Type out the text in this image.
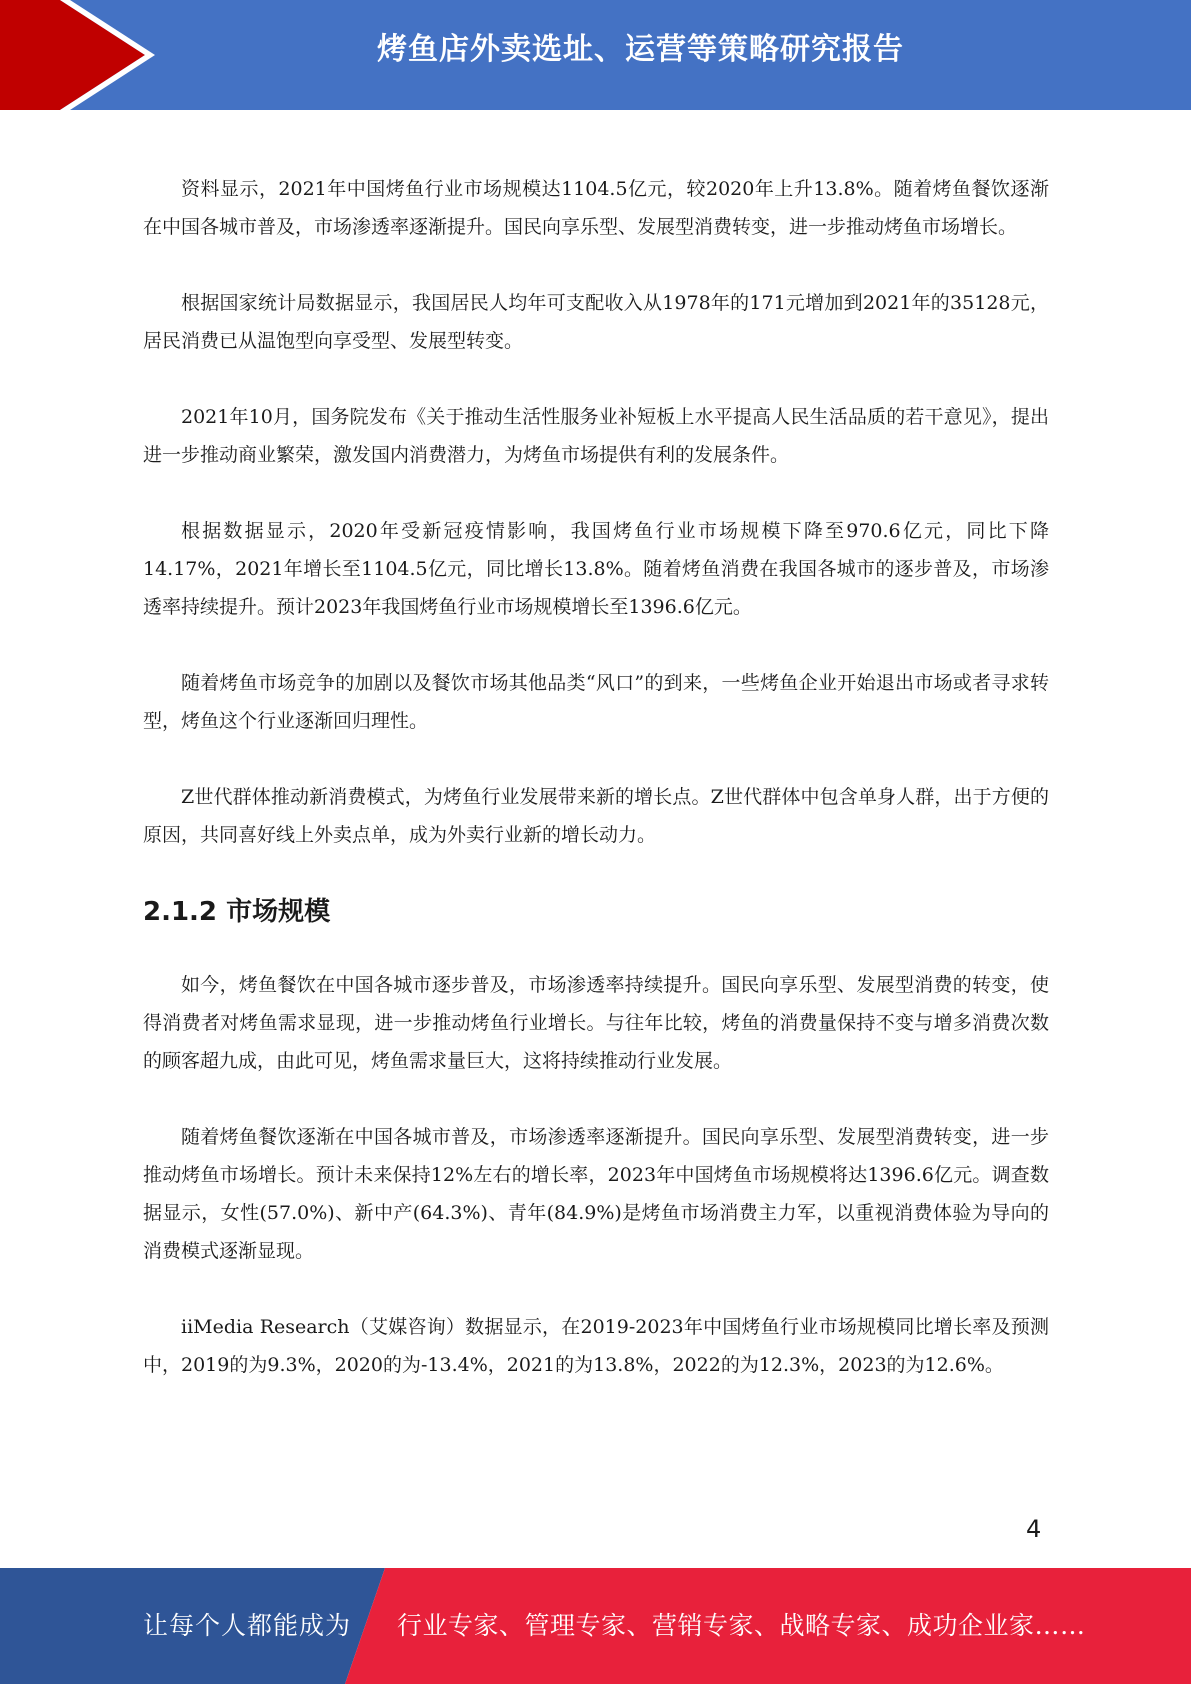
烤鱼店外卖选址、运营等策略研究报告

资料显示，2021年中国烤鱼行业市场规模达1104.5亿元，较2020年上升13.8%。随着烤鱼餐饮逐渐在中国各城市普及，市场渗透率逐渐提升。国民向享乐型、发展型消费转变，进一步推动烤鱼市场增长。

根据国家统计局数据显示，我国居民人均年可支配收入从1978年的171元增加到2021年的35128元，居民消费已从温饱型向享受型、发展型转变。

2021年10月，国务院发布《关于推动生活性服务业补短板上水平提高人民生活品质的若干意见》，提出进一步推动商业繁荣，激发国内消费潜力，为烤鱼市场提供有利的发展条件。

根据数据显示，2020年受新冠疫情影响，我国烤鱼行业市场规模下降至970.6亿元，同比下降14.17%，2021年增长至1104.5亿元，同比增长13.8%。随着烤鱼消费在我国各城市的逐步普及，市场渗透率持续提升。预计2023年我国烤鱼行业市场规模增长至1396.6亿元。

随着烤鱼市场竞争的加剧以及餐饮市场其他品类“风口”的到来，一些烤鱼企业开始退出市场或者寻求转型，烤鱼这个行业逐渐回归理性。

Z世代群体推动新消费模式，为烤鱼行业发展带来新的增长点。Z世代群体中包含单身人群，出于方便的原因，共同喜好线上外卖点单，成为外卖行业新的增长动力。

2.1.2 市场规模

如今，烤鱼餐饮在中国各城市逐步普及，市场渗透率持续提升。国民向享乐型、发展型消费的转变，使得消费者对烤鱼需求显现，进一步推动烤鱼行业增长。与往年比较，烤鱼的消费量保持不变与增多消费次数的顾客超九成，由此可见，烤鱼需求量巨大，这将持续推动行业发展。

随着烤鱼餐饮逐渐在中国各城市普及，市场渗透率逐渐提升。国民向享乐型、发展型消费转变，进一步推动烤鱼市场增长。预计未来保持12%左右的增长率，2023年中国烤鱼市场规模将达1396.6亿元。调查数据显示，女性(57.0%)、新中产(64.3%)、青年(84.9%)是烤鱼市场消费主力军，以重视消费体验为导向的消费模式逐渐显现。

iiMedia Research（艾媒咨询）数据显示，在2019-2023年中国烤鱼行业市场规模同比增长率及预测中，2019的为9.3%，2020的为-13.4%，2021的为13.8%，2022的为12.3%，2023的为12.6%。

4
让每个人都能成为 行业专家、管理专家、营销专家、战略专家、成功企业家……
